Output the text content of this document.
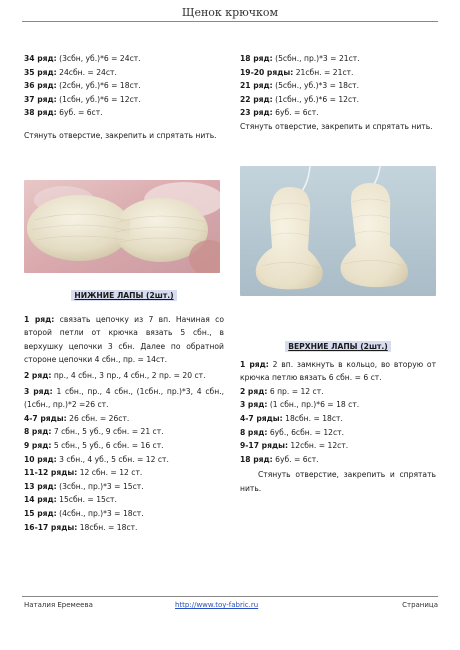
Щенок крючком
34 ряд: (3сбн, уб.)*6 = 24ст.
35 ряд: 24сбн. = 24ст.
36 ряд: (2сбн, уб.)*6 = 18ст.
37 ряд: (1сбн, уб.)*6 = 12ст.
38 ряд: 6уб. = 6ст.
Стянуть отверстие, закрепить и спрятать нить.
НИЖНИЕ ЛАПЫ (2шт.)
1 ряд: связать цепочку из 7 вп. Начиная со второй петли от крючка вязать 5 сбн., в верхушку цепочки 3 сбн. Далее по обратной стороне цепочки 4 сбн., пр. = 14ст.
2 ряд: пр., 4 сбн., 3 пр., 4 сбн., 2 пр. = 20 ст.
3 ряд: 1 сбн., пр., 4 сбн., (1сбн., пр.)*3, 4 сбн., (1сбн., пр.)*2 =26 ст.
4-7 ряды: 26 сбн. = 26ст.
8 ряд: 7 сбн., 5 уб., 9 сбн. = 21 ст.
9 ряд: 5 сбн., 5 уб., 6 сбн. = 16 ст.
10 ряд: 3 сбн., 4 уб., 5 сбн. = 12 ст.
11-12 ряды: 12 сбн. = 12 ст.
13 ряд: (3сбн., пр.)*3 = 15ст.
14 ряд: 15сбн. = 15ст.
15 ряд: (4сбн., пр.)*3 = 18ст.
16-17 ряды: 18сбн. = 18ст.
18 ряд: (5сбн., пр.)*3 = 21ст.
19-20 ряды: 21сбн. = 21ст.
21 ряд: (5сбн., уб.)*3 = 18ст.
22 ряд: (1сбн., уб.)*6 = 12ст.
23 ряд: 6уб. = 6ст.
Стянуть отверстие, закрепить и спрятать нить.
ВЕРХНИЕ ЛАПЫ (2шт.)
1 ряд: 2 вп. замкнуть в кольцо, во вторую от крючка петлю вязать 6 сбн. = 6 ст.
2 ряд: 6 пр. = 12 ст.
3 ряд: (1 сбн., пр.)*6 = 18 ст.
4-7 ряды: 18сбн. = 18ст.
8 ряд: 6уб., 6сбн. = 12ст.
9-17 ряды: 12сбн. = 12ст.
18 ряд: 6уб. = 6ст.
Стянуть отверстие, закрепить и спрятать нить.
Наталия Еремеева	http://www.toy-fabric.ru	Страница
